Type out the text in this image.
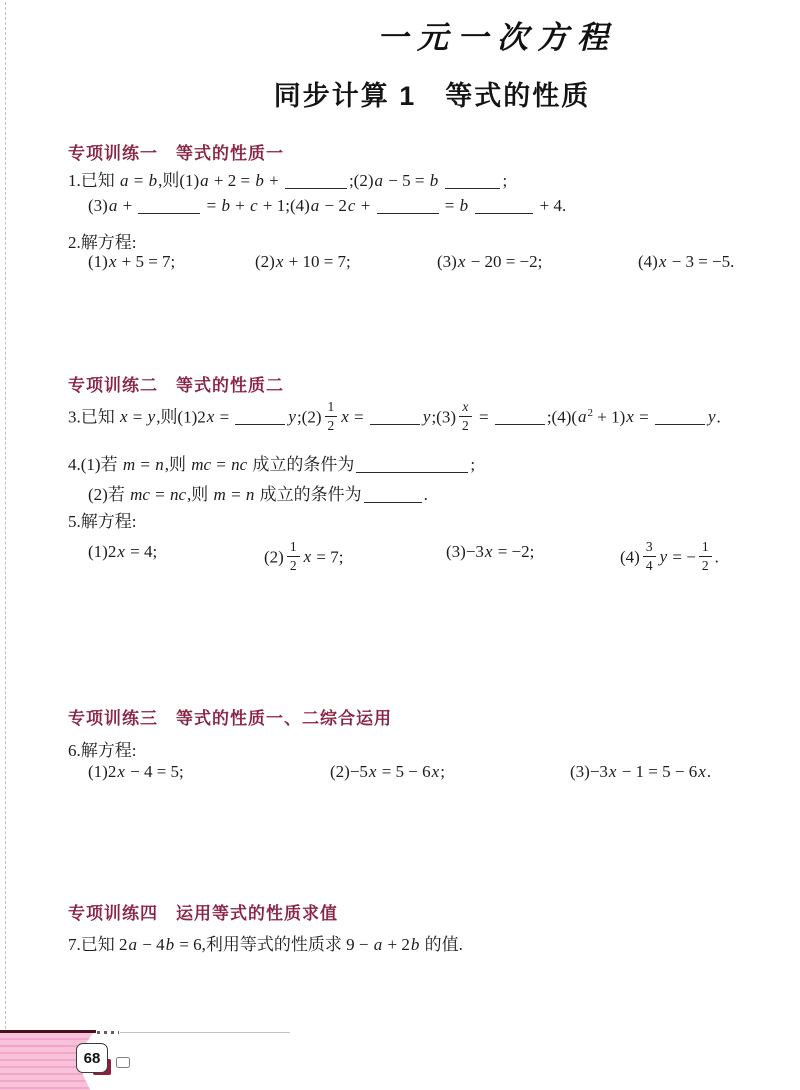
一元一次方程
同步计算 1　等式的性质
专项训练一　等式的性质一
1.已知 a = b,则(1)a + 2 = b +	;(2)a − 5 = b	;
(3)a +	= b + c + 1;(4)a − 2c +	= b	+ 4.
2.解方程:
(1)x + 5 = 7;	(2)x + 10 = 7;	(3)x − 20 = −2;	(4)x − 3 = −5.
专项训练二　等式的性质二
3.已知 x = y,则(1)2x =	y;(2) $\frac{1}{2}$ x =	y;(3) $\frac{x}{2}$ =	$;(4)(a^2 + 1)x$ =	y.
4.(1)若 m = n,则 mc = nc 成立的条件为	;
(2)若 mc = nc,则 m = n 成立的条件为	.
5.解方程:
(1)2x = 4;	$(2) \frac{1}{2}$ x = 7;	(3)−3x = −2;	$(4) \frac{3}{4}$ y = − $\frac{1}{2}$ .
专项训练三　等式的性质一、二综合运用
6.解方程:
(1)2x − 4 = 5;	(2)−5x = 5 − 6x;	(3)−3x − 1 = 5 − 6x.
专项训练四　运用等式的性质求值
7.已知 2a − 4b = 6,利用等式的性质求 9 − a + 2b 的值.
68
